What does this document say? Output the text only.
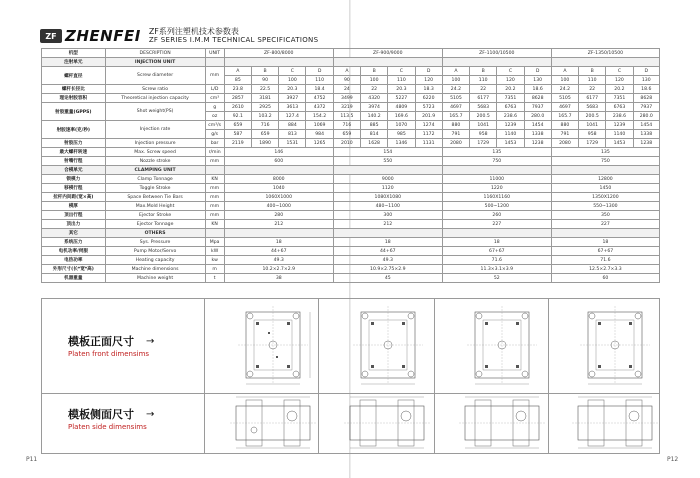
ZF ZHENFEI ZF系列注塑机技术参数表
ZF SERIES I.M.M TECHNICAL SPECIFICATIONS
机型	DESCRIPTION	UNIT	ZF-800/8000				ZF-900/9000				ZF-1100/10500				ZF-1350/10500			
注射单元	INJECTION UNIT																	
螺杆直径	Screw diameter	mm	A	B	C	D	A	B	C	D	A	B	C	D	A	B	C	D
			85	90	100	110	90	100	110	120	100	110	120	130	100	110	120	130
螺杆长径比	Screw ratio	L/D	23.8	22.5	20.3	18.4	24	22	20.3	18.3	24.2	22	20.2	18.6	24.2	22	20.2	18.6
理论射胶容积	Theoretical injection capacity	cm³	2857	3181	3927	4752	3499	4320	5227	6220	5105	6177	7351	8628	5105	6177	7351	8628
射胶重量(GPPS)	Shot weight(PS)	g	2610	2925	3613	4372	3219	3974	4809	5723	4697	5683	6763	7937	4697	5683	6763	7937
		oz	92.1	103.2	127.4	154.2	113.5	140.2	169.6	201.9	165.7	200.5	238.6	280.0	165.7	200.5	238.6	280.0
射胶速率(克/秒)	Injection rate	cm³/s	659	716	884	1069	716	885	1070	1274	880	1041	1239	1454	880	1041	1239	1454
		g/s	587	659	813	984	659	814	985	1172	791	958	1140	1338	791	958	1140	1338
射胶压力	Injection pressure	bar	2119	1890	1531	1265	2010	1628	1346	1131	2080	1729	1453	1238	2080	1729	1453	1238
最大螺杆转速	Max. Screw speed	r/min	146				154				135				135			
射嘴行程	Nozzle stroke	mm	600				550				750				750			
合模单元	CLAMPING UNIT																	
锁模力	Clamp Tonnage	KN	8000				9000				11000				12800			
移模行程	Toggle Stroke	mm	1040				1120				1220				1450			
拉杆内间距(宽×高)	Space Between Tie Bars	mm	1060X1000				1080X1080				1160X1160				1350X1200			
模厚	Max.Mold Height	mm	400~1000				480~1100				500~1200				550~1300			
顶出行程	Ejector Stroke	mm	280				300				260				350			
顶出力	Ejector Tonnage	KN	212				212				227				227			
其它	OTHERS																	
系统压力	Sys. Pressure	Mpa	18				18				18				18			
电机功率/伺服	Pump Motor/Servo	kW	44+67				44+67				67+67				67+67			
电热功率	Heating capacity	kw	49.3				49.3				71.6				71.6			
外形尺寸(长*宽*高)	Machine dimensions	m	10.2×2.7×2.9				10.9×2.75×2.9				11.3×3.1×3.9				12.5×2.7×3.3			
机器重量	Machine weight	t	38				45				52				60			
模板正面尺寸 →
Platen front dimensims
模板侧面尺寸 →
Platen side dimensims
P11	P12
